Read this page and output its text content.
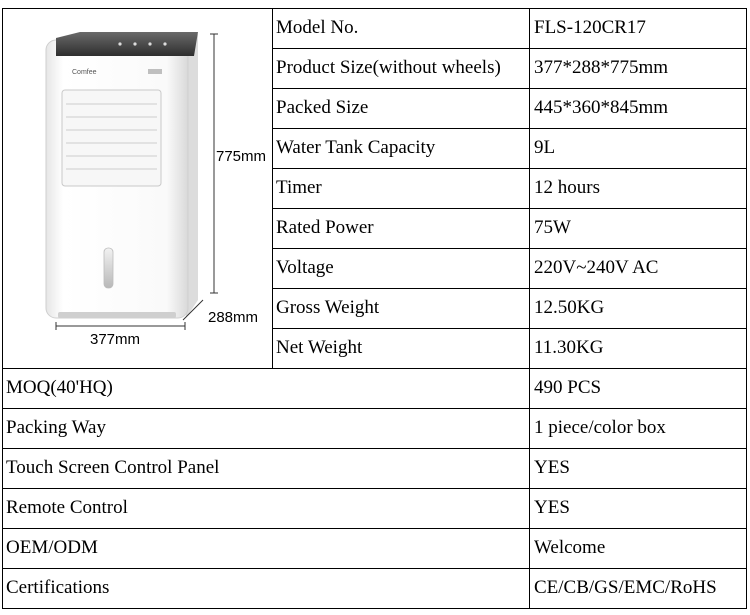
Comfee
775mm
288mm
377mm
Model No.	FLS-120CR17
Product Size(without wheels) 377*288*775mm
Packed Size	445*360*845mm
Water Tank Capacity	9L
Timer	12 hours
Rated Power	75W
Voltage	220V~240V AC
Gross Weight	12.50KG
Net Weight	11.30KG
MOQ(40'HQ)	490 PCS
Packing Way	1 piece/color box
Touch Screen Control Panel	YES
Remote Control	YES
OEM/ODM	Welcome
Certifications	CE/CB/GS/EMC/RoHS
